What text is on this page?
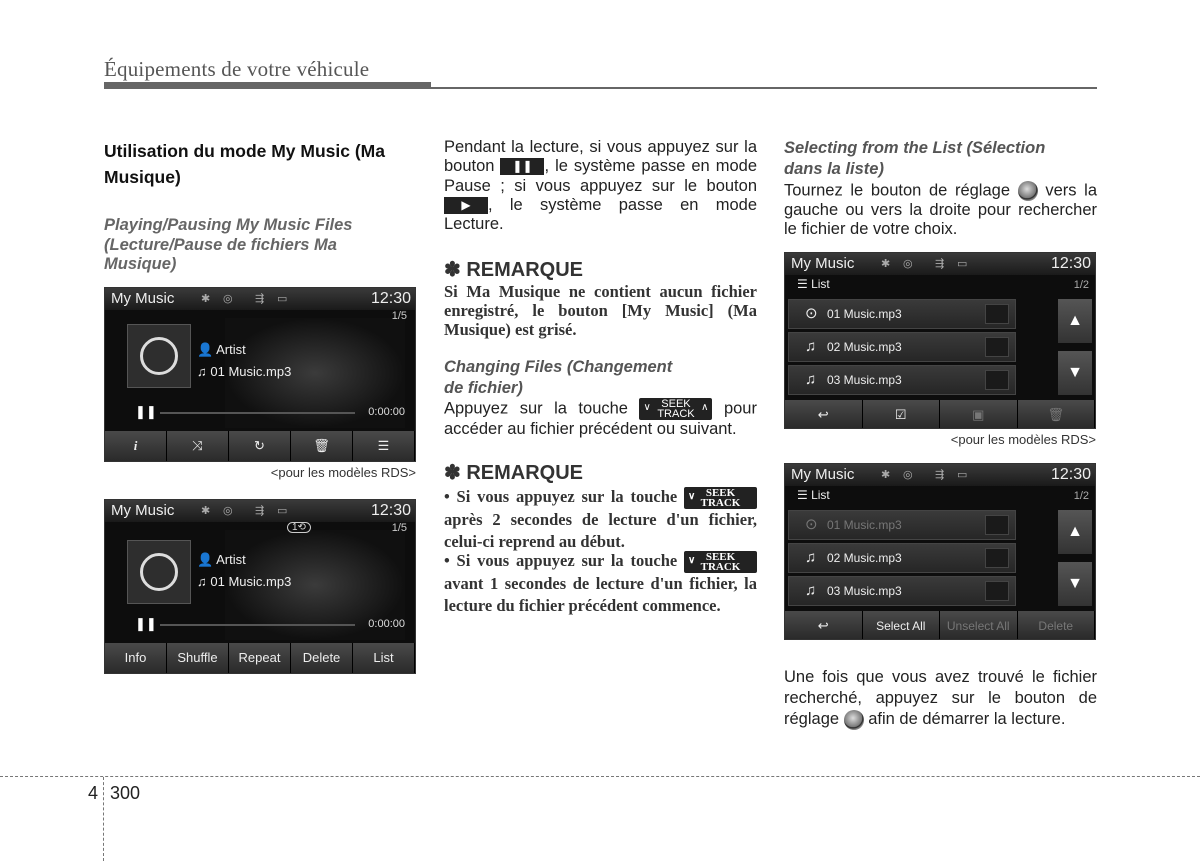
Équipements de votre véhicule
Utilisation du mode My Music (Ma Musique)
Playing/Pausing My Music Files (Lecture/Pause de fichiers Ma Musique)
My Music ✱ ◎ ⇶ ▭	12:30
1/5
👤 Artist
♫ 01 Music.mp3
❚❚	0:00:00
i	⤨	↻	🗑	☰
<pour les modèles RDS>
My Music ✱ ◎ ⇶ ▭	12:30
1⟲	1/5
👤 Artist
♫ 01 Music.mp3
❚❚	0:00:00
Info	Shuffle	Repeat	Delete	List
Pendant la lecture, si vous appuyez sur la bouton ❚❚ , le système passe en mode Pause ; si vous appuyez sur le bouton ▶ , le système passe en mode Lecture.
✽ REMARQUE
Si Ma Musique ne contient aucun fichier enregistré, le bouton [My Music] (Ma Musique) est grisé.
Changing Files (Changement de fichier)
Appuyez sur la touche ∨ SEEK
TRACK
∧ pour accéder au fichier précédent ou suivant.
✽ REMARQUE
• Si vous appuyez sur la touche ∨ SEEK
TRACK après 2 secondes de lecture d'un fichier, celui-ci reprend au début.
• Si vous appuyez sur la touche ∨ SEEK
TRACK avant 1 secondes de lecture d'un fichier, la lecture du fichier précédent commence.
Selecting from the List (Sélection dans la liste)
Tournez le bouton de réglage vers la gauche ou vers la droite pour rechercher le fichier de votre choix.
My Music ✱ ◎ ⇶ ▭	12:30
☰ List	1/2
⊙ 01 Music.mp3
♫ 02 Music.mp3
♫ 03 Music.mp3
▲
▼
↩	☑	▣	🗑
<pour les modèles RDS>
My Music ✱ ◎ ⇶ ▭	12:30
☰ List	1/2
⊙ 01 Music.mp3
♫ 02 Music.mp3
♫ 03 Music.mp3
▲
▼
↩	Select All	Unselect All	Delete
Une fois que vous avez trouvé le fichier recherché, appuyez sur le bouton de réglage afin de démarrer la lecture.
4 300
